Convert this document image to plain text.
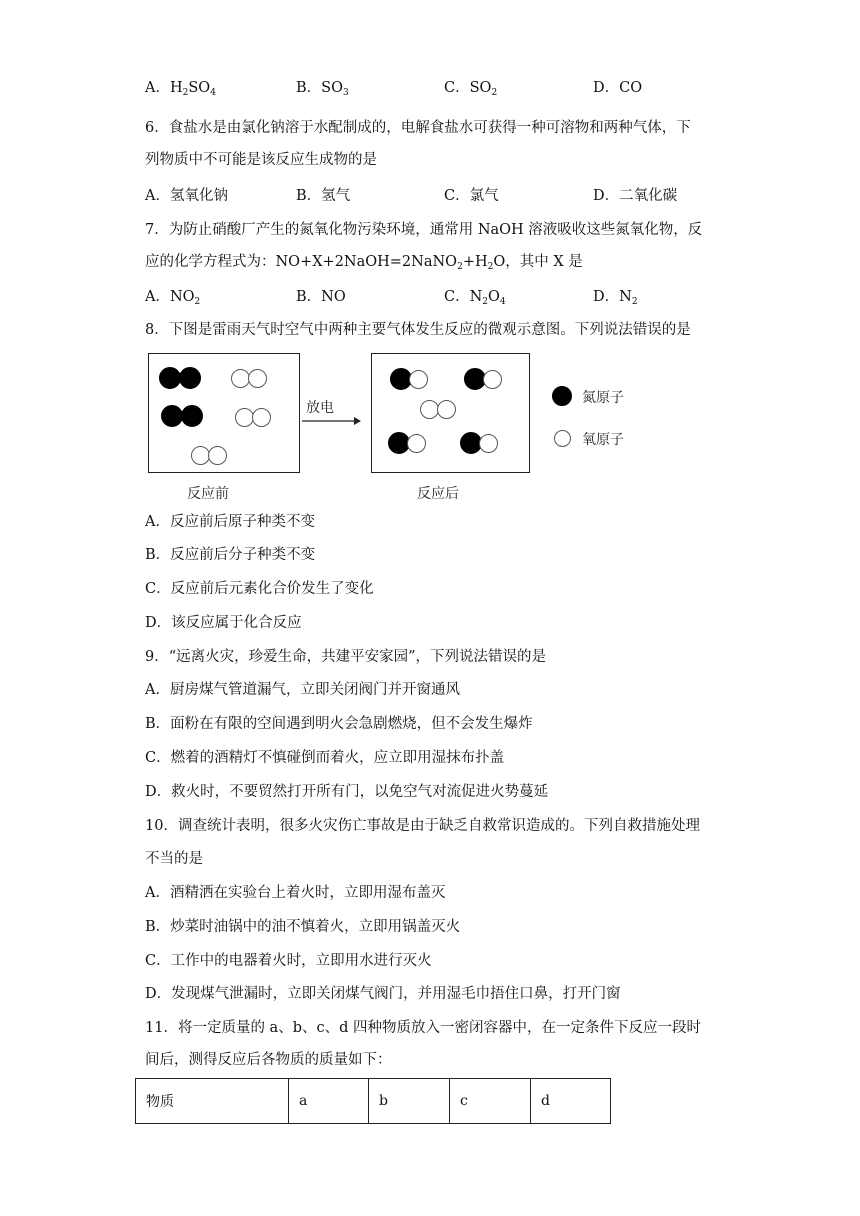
A．$H_2SO_4$	B．$SO_3$	C．$SO_2$	D．CO
6．食盐水是由氯化钠溶于水配制成的，电解食盐水可获得一种可溶物和两种气体，下
列物质中不可能是该反应生成物的是
A．氢氧化钠	B．氢气	C．氯气	D．二氧化碳
7．为防止硝酸厂产生的氮氧化物污染环境，通常用 NaOH 溶液吸收这些氮氧化物，反
应的化学方程式为：$NO+X+2NaOH=2NaNO_2+H_2O$，其中 X 是
A．$NO_2$	B．NO	C．$N_2O_4$	D．$N_2$
8．下图是雷雨天气时空气中两种主要气体发生反应的微观示意图。下列说法错误的是
放电
氮原子
氧原子
反应前	反应后
A．反应前后原子种类不变
B．反应前后分子种类不变
C．反应前后元素化合价发生了变化
D．该反应属于化合反应
9．“远离火灾，珍爱生命，共建平安家园”，下列说法错误的是
A．厨房煤气管道漏气，立即关闭阀门并开窗通风
B．面粉在有限的空间遇到明火会急剧燃烧，但不会发生爆炸
C．燃着的酒精灯不慎碰倒而着火，应立即用湿抹布扑盖
D．救火时，不要贸然打开所有门，以免空气对流促进火势蔓延
10．调查统计表明，很多火灾伤亡事故是由于缺乏自救常识造成的。下列自救措施处理
不当的是
A．酒精洒在实验台上着火时，立即用湿布盖灭
B．炒菜时油锅中的油不慎着火，立即用锅盖灭火
C．工作中的电器着火时，立即用水进行灭火
D．发现煤气泄漏时，立即关闭煤气阀门，并用湿毛巾捂住口鼻，打开门窗
11．将一定质量的 a、b、c、d 四种物质放入一密闭容器中，在一定条件下反应一段时
间后，测得反应后各物质的质量如下：
物质	a	b	c	d
